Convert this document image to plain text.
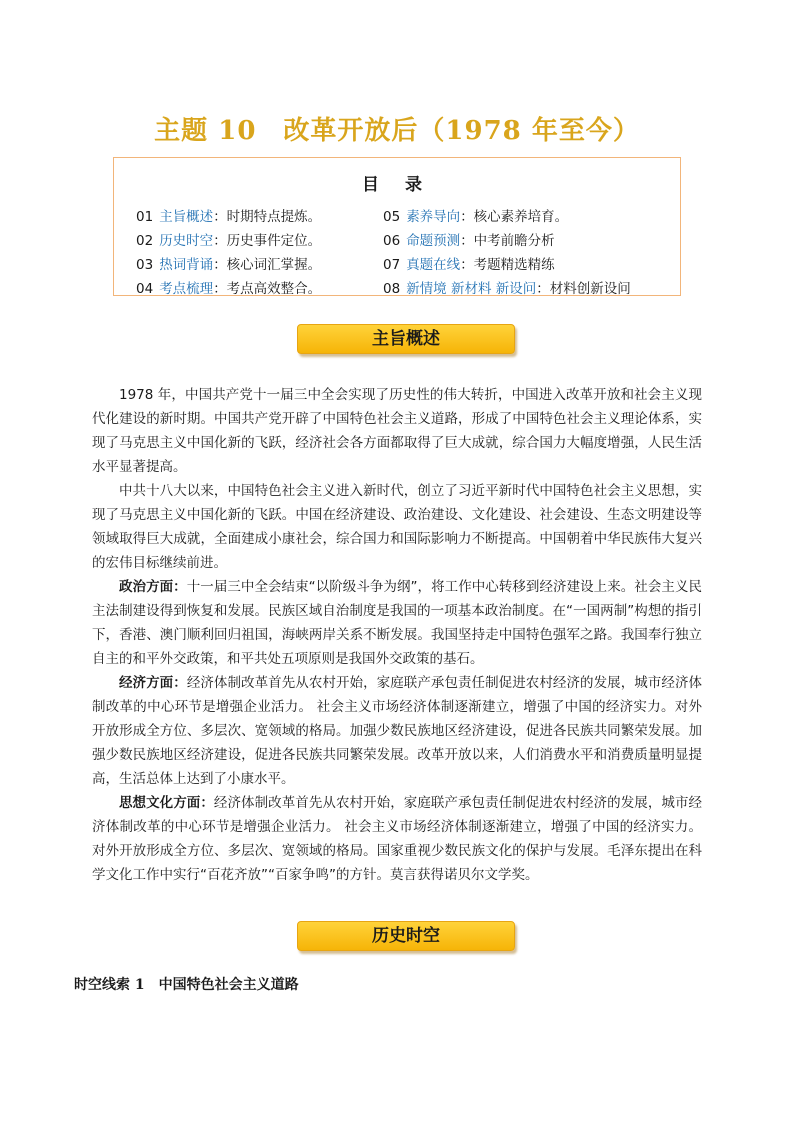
主题 10　改革开放后（1978 年至今）
目 录
01 主旨概述：时期特点提炼。
02 历史时空：历史事件定位。
03 热词背诵：核心词汇掌握。
04 考点梳理：考点高效整合。
05 素养导向：核心素养培育。
06 命题预测：中考前瞻分析
07 真题在线：考题精选精练
08 新情境 新材料 新设问：材料创新设问
主旨概述

1978 年，中国共产党十一届三中全会实现了历史性的伟大转折，中国进入改革开放和社会主义现代化建设的新时期。中国共产党开辟了中国特色社会主义道路，形成了中国特色社会主义理论体系，实现了马克思主义中国化新的飞跃，经济社会各方面都取得了巨大成就，综合国力大幅度增强，人民生活水平显著提高。

中共十八大以来，中国特色社会主义进入新时代，创立了习近平新时代中国特色社会主义思想，实现了马克思主义中国化新的飞跃。中国在经济建设、政治建设、文化建设、社会建设、生态文明建设等领域取得巨大成就，全面建成小康社会，综合国力和国际影响力不断提高。中国朝着中华民族伟大复兴的宏伟目标继续前进。

政治方面：十一届三中全会结束“以阶级斗争为纲”，将工作中心转移到经济建设上来。社会主义民主法制建设得到恢复和发展。民族区域自治制度是我国的一项基本政治制度。在“一国两制”构想的指引下，香港、澳门顺利回归祖国，海峡两岸关系不断发展。我国坚持走中国特色强军之路。我国奉行独立自主的和平外交政策，和平共处五项原则是我国外交政策的基石。

经济方面：经济体制改革首先从农村开始，家庭联产承包责任制促进农村经济的发展，城市经济体制改革的中心环节是增强企业活力。 社会主义市场经济体制逐渐建立，增强了中国的经济实力。对外开放形成全方位、多层次、宽领域的格局。加强少数民族地区经济建设，促进各民族共同繁荣发展。加强少数民族地区经济建设，促进各民族共同繁荣发展。改革开放以来，人们消费水平和消费质量明显提高，生活总体上达到了小康水平。

思想文化方面：经济体制改革首先从农村开始，家庭联产承包责任制促进农村经济的发展，城市经济体制改革的中心环节是增强企业活力。 社会主义市场经济体制逐渐建立，增强了中国的经济实力。对外开放形成全方位、多层次、宽领域的格局。国家重视少数民族文化的保护与发展。毛泽东提出在科学文化工作中实行“百花齐放”“百家争鸣”的方针。莫言获得诺贝尔文学奖。

历史时空
时空线索 1　中国特色社会主义道路
